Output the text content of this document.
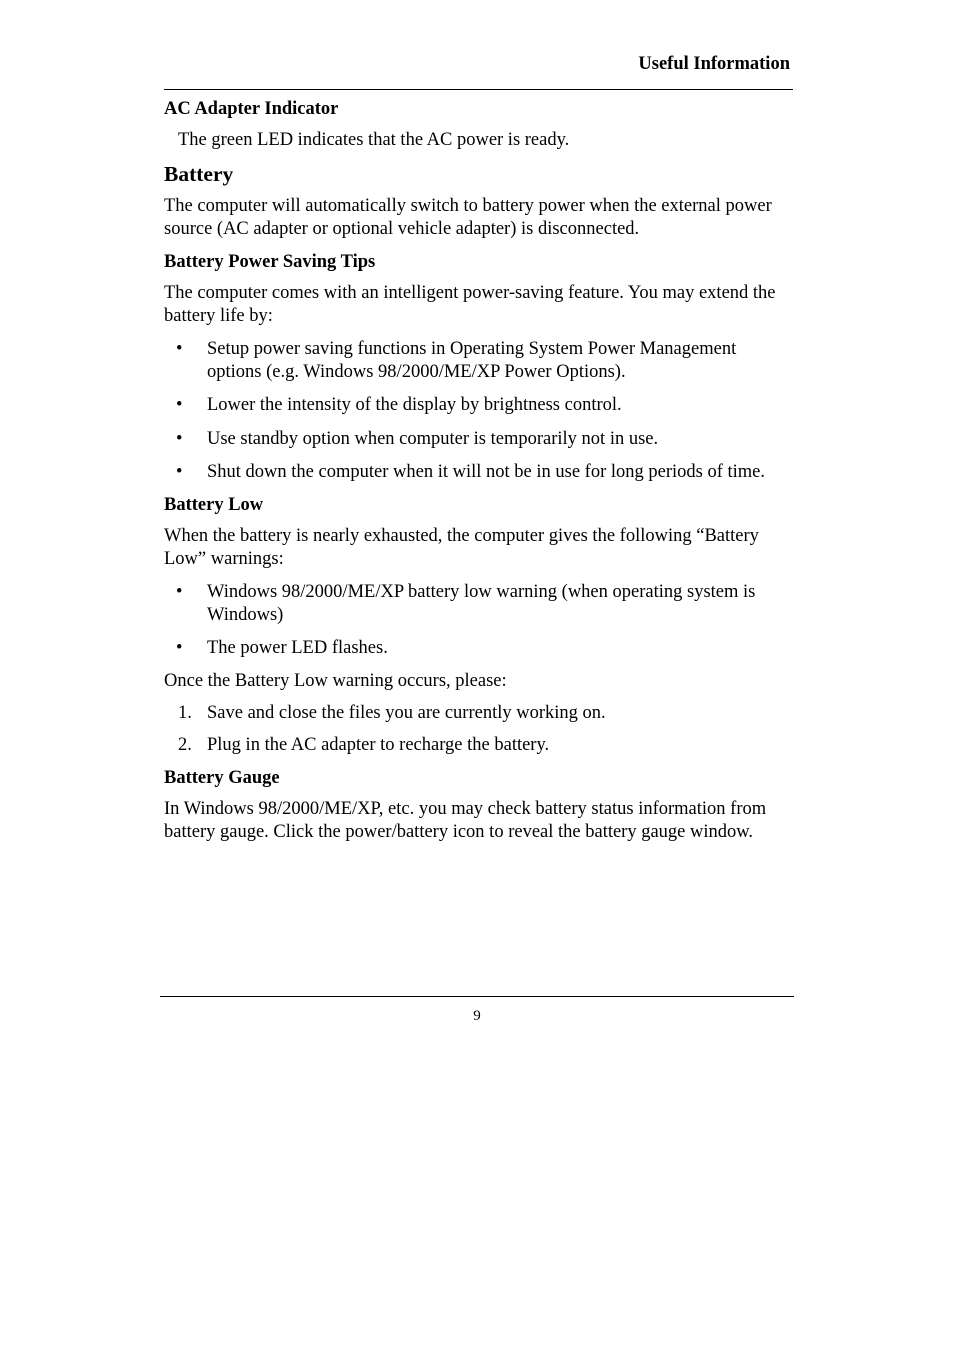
Useful Information
AC Adapter Indicator

The green LED indicates that the AC power is ready.

Battery

The computer will automatically switch to battery power when the external power source (AC adapter or optional vehicle adapter) is disconnected.

Battery Power Saving Tips

The computer comes with an intelligent power-saving feature. You may extend the battery life by:

• Setup power saving functions in Operating System Power Management options (e.g. Windows 98/2000/ME/XP Power Options).
• Lower the intensity of the display by brightness control.
• Use standby option when computer is temporarily not in use.
• Shut down the computer when it will not be in use for long periods of time.
Battery Low

When the battery is nearly exhausted, the computer gives the following “Battery Low” warnings:

• Windows 98/2000/ME/XP battery low warning (when operating system is Windows)
• The power LED flashes.

Once the Battery Low warning occurs, please:

1. Save and close the files you are currently working on.
2. Plug in the AC adapter to recharge the battery.
Battery Gauge

In Windows 98/2000/ME/XP, etc. you may check battery status information from battery gauge. Click the power/battery icon to reveal the battery gauge window.

9
